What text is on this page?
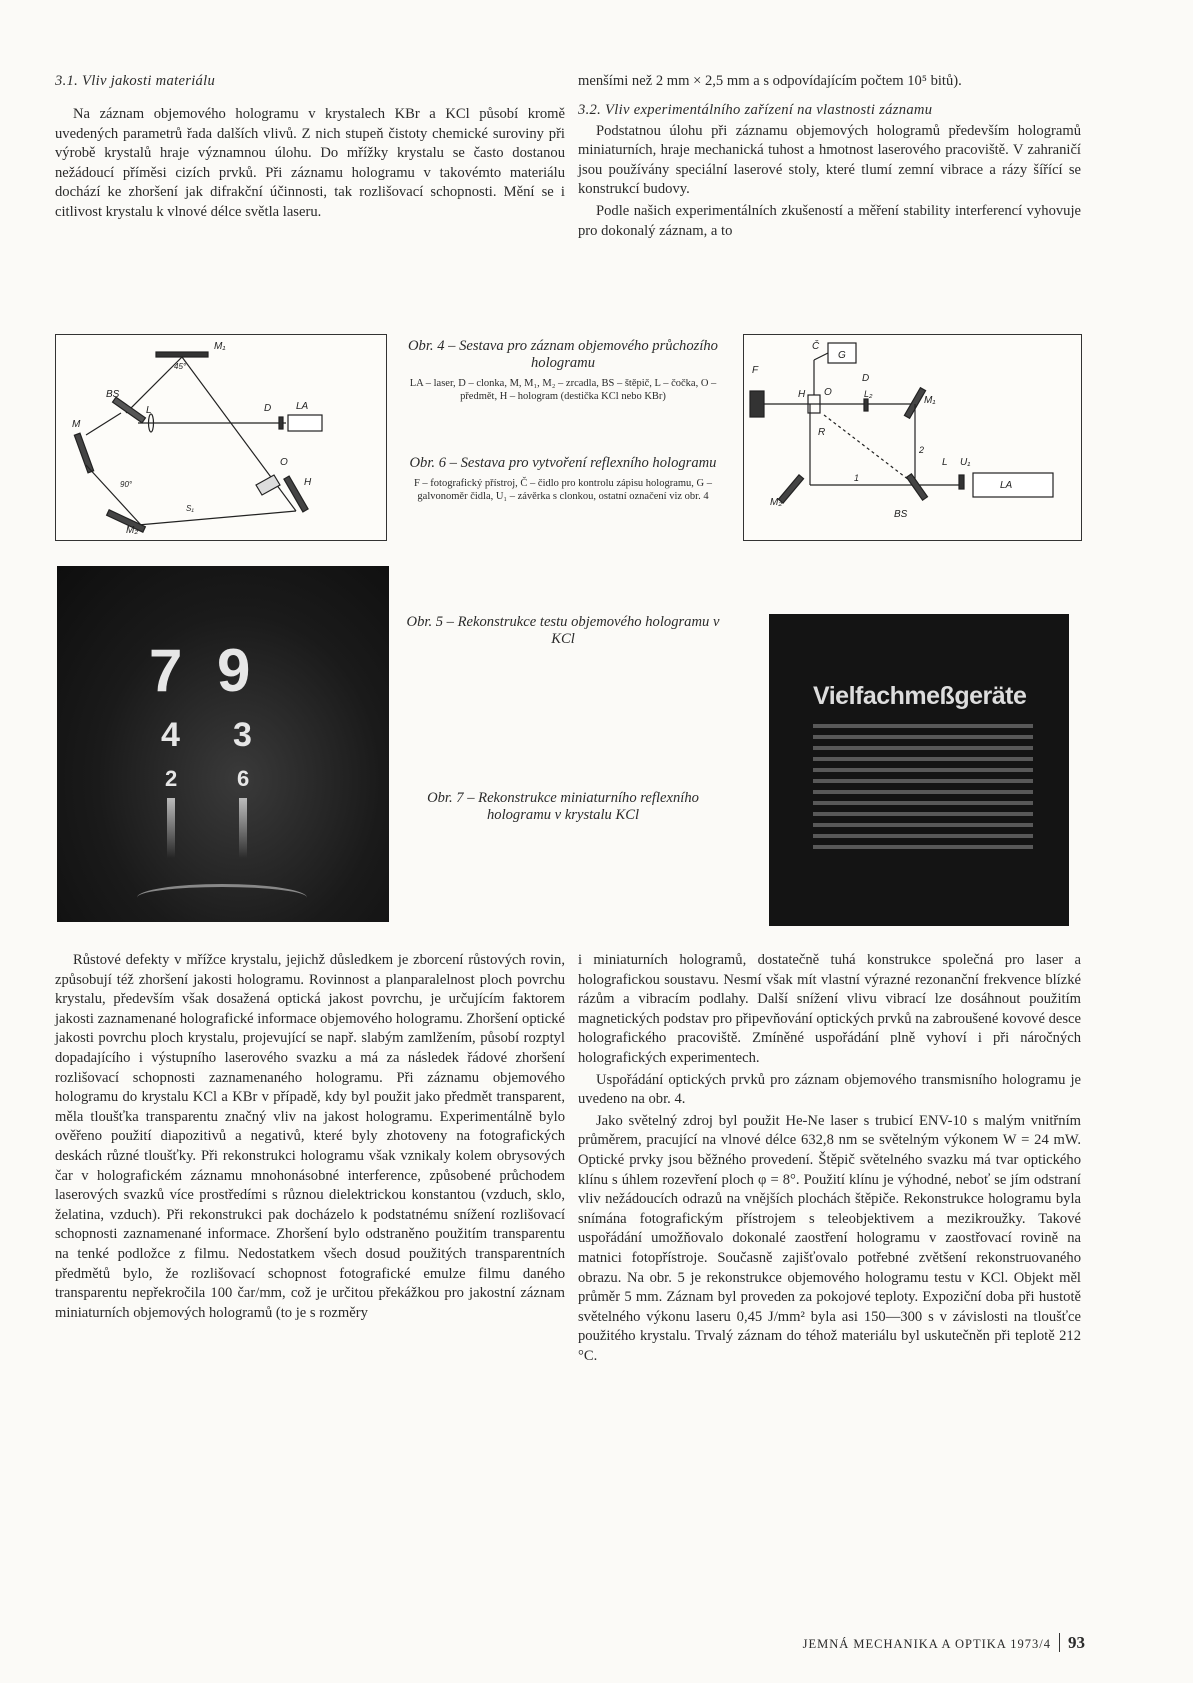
3.1. Vliv jakosti materiálu

Na záznam objemového hologramu v krystalech KBr a KCl působí kromě uvedených parametrů řada dalších vlivů. Z nich stupeň čistoty chemické suroviny při výrobě krystalů hraje významnou úlohu. Do mřížky krystalu se často dostanou nežádoucí příměsi cizích prvků. Při záznamu hologramu v takovémto materiálu dochází ke zhoršení jak difrakční účinnosti, tak rozlišovací schopnosti. Mění se i citlivost krystalu k vlnové délce světla laseru.

menšími než 2 mm × 2,5 mm a s odpovídajícím počtem 10⁵ bitů).

3.2. Vliv experimentálního zařízení na vlastnosti záznamu

Podstatnou úlohu při záznamu objemových hologramů především hologramů miniaturních, hraje mechanická tuhost a hmotnost laserového pracoviště. V zahraničí jsou používány speciální laserové stoly, které tlumí zemní vibrace a rázy šířící se konstrukcí budovy.

Podle našich experimentálních zkušeností a měření stability interferencí vyhovuje pro dokonalý záznam, a to

M₁
45°
BS
M
L	D LA
O
H
90°
S₁
M₂
Obr. 4 – Sestava pro záznam objemového průchozího hologramu
LA – laser, D – clonka, M, M₁, M₂ – zrcadla, BS – štěpič, L – čočka, O – předmět, H – hologram (destička KCl nebo KBr)
Obr. 6 – Sestava pro vytvoření reflexního hologramu
F – fotografický přístroj, Č – čidlo pro kontrolu zápisu hologramu, G – galvonoměr čidla, U₁ – závěrka s clonkou, ostatní označení viz obr. 4
F
Č
G
H O
D
L₂
M₁
R
2
1
M₂
BS
L U₁
LA
7 9
4 3
2	6
Obr. 5 – Rekonstrukce testu objemového hologramu v KCl
Obr. 7 – Rekonstrukce miniaturního reflexního hologramu v krystalu KCl
Vielfachmeßgeräte

Růstové defekty v mřížce krystalu, jejichž důsledkem je zborcení růstových rovin, způsobují též zhoršení jakosti hologramu. Rovinnost a planparalelnost ploch povrchu krystalu, především však dosažená optická jakost povrchu, je určujícím faktorem jakosti zaznamenané holografické informace objemového hologramu. Zhoršení optické jakosti povrchu ploch krystalu, projevující se např. slabým zamlžením, působí rozptyl dopadajícího i výstupního laserového svazku a má za následek řádové zhoršení rozlišovací schopnosti zaznamenaného hologramu. Při záznamu objemového hologramu do krystalu KCl a KBr v případě, kdy byl použit jako předmět transparent, měla tloušťka transparentu značný vliv na jakost hologramu. Experimentálně bylo ověřeno použití diapozitivů a negativů, které byly zhotoveny na fotografických deskách různé tloušťky. Při rekonstrukci hologramu však vznikaly kolem obrysových čar v holografickém záznamu mnohonásobné interference, způsobené průchodem laserových svazků více prostředími s různou dielektrickou konstantou (vzduch, sklo, želatina, vzduch). Při rekonstrukci pak docházelo k podstatnému snížení rozlišovací schopnosti zaznamenané informace. Zhoršení bylo odstraněno použitím transparentu na tenké podložce z filmu. Nedostatkem všech dosud použitých transparentních předmětů bylo, že rozlišovací schopnost fotografické emulze filmu daného transparentu nepřekročila 100 čar/mm, což je určitou překážkou pro jakostní záznam miniaturních objemových hologramů (to je s rozměry

i miniaturních hologramů, dostatečně tuhá konstrukce společná pro laser a holografickou soustavu. Nesmí však mít vlastní výrazné rezonanční frekvence blízké rázům a vibracím podlahy. Další snížení vlivu vibrací lze dosáhnout použitím magnetických podstav pro připevňování optických prvků na zabroušené kovové desce holografického pracoviště. Zmíněné uspořádání plně vyhoví i při náročných holografických experimentech.

Uspořádání optických prvků pro záznam objemového transmisního hologramu je uvedeno na obr. 4.

Jako světelný zdroj byl použit He-Ne laser s trubicí ENV-10 s malým vnitřním průměrem, pracující na vlnové délce 632,8 nm se světelným výkonem W = 24 mW. Optické prvky jsou běžného provedení. Štěpič světelného svazku má tvar optického klínu s úhlem rozevření ploch φ = 8°. Použití klínu je výhodné, neboť se jím odstraní vliv nežádoucích odrazů na vnějších plochách štěpiče. Rekonstrukce hologramu byla snímána fotografickým přístrojem s teleobjektivem a mezikroužky. Takové uspořádání umožňovalo dokonalé zaostření hologramu v zaostřovací rovině na matnici fotopřístroje. Současně zajišťovalo potřebné zvětšení rekonstruovaného obrazu. Na obr. 5 je rekonstrukce objemového hologramu testu v KCl. Objekt měl průměr 5 mm. Záznam byl proveden za pokojové teploty. Expoziční doba při hustotě světelného výkonu laseru 0,45 J/mm² byla asi 150—300 s v závislosti na tloušťce použitého krystalu. Trvalý záznam do téhož materiálu byl uskutečněn při teplotě 212 °C.

JEMNÁ MECHANIKA A OPTIKA 1973/4 93
